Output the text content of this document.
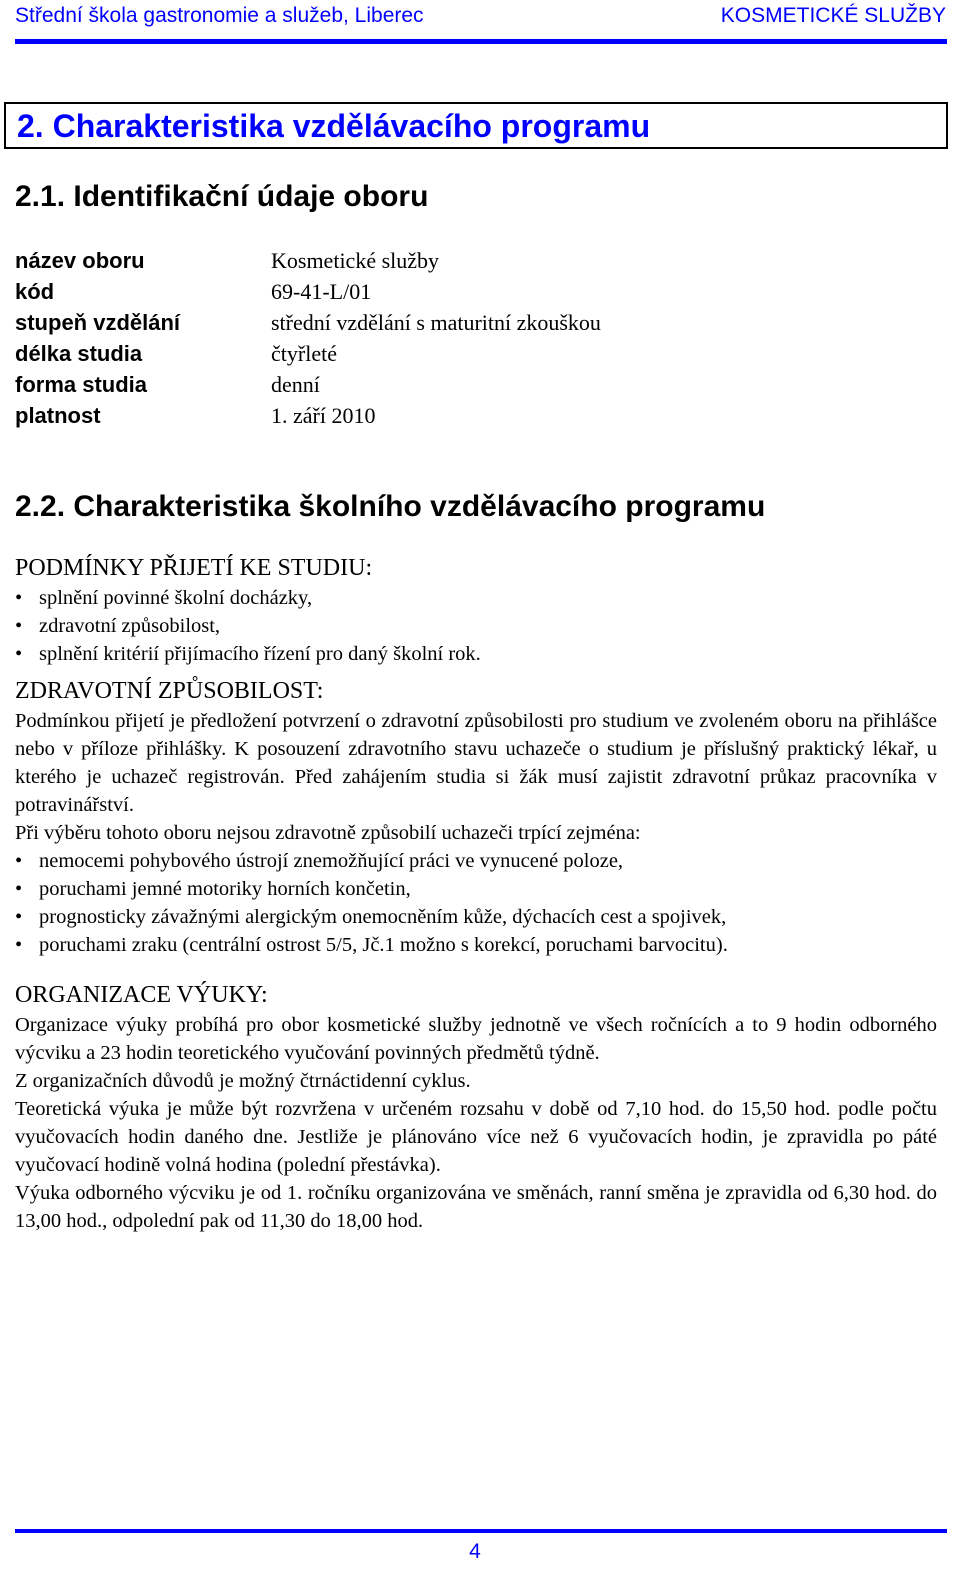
Střední škola gastronomie a služeb, Liberec	KOSMETICKÉ SLUŽBY
2. Charakteristika vzdělávacího programu
2.1. Identifikační údaje oboru
název oboru	Kosmetické služby
kód	69-41-L/01
stupeň vzdělání	střední vzdělání s maturitní zkouškou
délka studia	čtyřleté
forma studia	denní
platnost	1. září 2010
2.2. Charakteristika školního vzdělávacího programu
PODMÍNKY PŘIJETÍ KE STUDIU:
• splnění povinné školní docházky,
• zdravotní způsobilost,
• splnění kritérií přijímacího řízení pro daný školní rok.
ZDRAVOTNÍ ZPŮSOBILOST:

Podmínkou přijetí je předložení potvrzení o zdravotní způsobilosti pro studium ve zvoleném oboru na přihlášce nebo v příloze přihlášky. K posouzení zdravotního stavu uchazeče o studium je příslušný praktický lékař, u kterého je uchazeč registrován. Před zahájením studia si žák musí zajistit zdravotní průkaz pracovníka v potravinářství.

Při výběru tohoto oboru nejsou zdravotně způsobilí uchazeči trpící zejména:

• nemocemi pohybového ústrojí znemožňující práci ve vynucené poloze,
• poruchami jemné motoriky horních končetin,
• prognosticky závažnými alergickým onemocněním kůže, dýchacích cest a spojivek,
• poruchami zraku (centrální ostrost 5/5, Jč.1 možno s korekcí, poruchami barvocitu).
ORGANIZACE VÝUKY:

Organizace výuky probíhá pro obor kosmetické služby jednotně ve všech ročnících a to 9 hodin odborného výcviku a 23 hodin teoretického vyučování povinných předmětů týdně.

Z organizačních důvodů je možný čtrnáctidenní cyklus.

Teoretická výuka je může být rozvržena v určeném rozsahu v době od 7,10 hod. do 15,50 hod. podle počtu vyučovacích hodin daného dne. Jestliže je plánováno více než 6 vyučovacích hodin, je zpravidla po páté vyučovací hodině volná hodina (polední přestávka).

Výuka odborného výcviku je od 1. ročníku organizována ve směnách, ranní směna je zpravidla od 6,30 hod. do 13,00 hod., odpolední pak od 11,30 do 18,00 hod.

4
